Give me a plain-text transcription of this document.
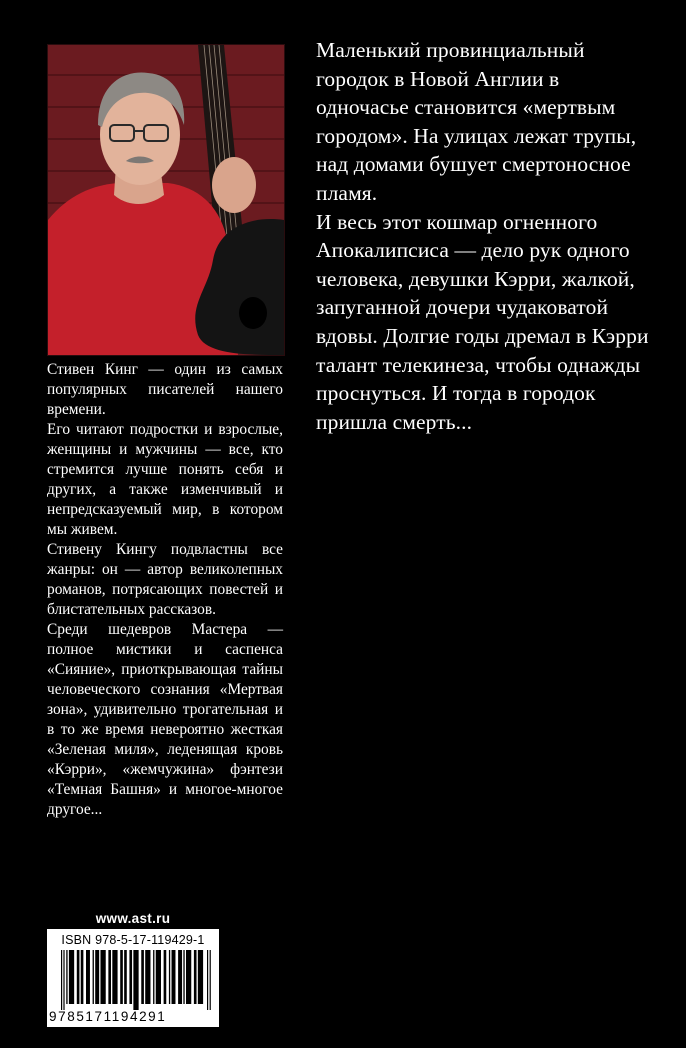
Стивен Кинг — один из самых популярных писателей нашего времени.

Его читают подростки и взрослые, женщины и мужчины — все, кто стремится лучше понять себя и других, а также изменчивый и непредсказуемый мир, в котором мы живем.

Стивену Кингу подвластны все жанры: он — автор великолепных романов, потрясающих повестей и блистательных рассказов.

Среди шедевров Мастера — полное мистики и саспенса «Сияние», приоткрывающая тайны человеческого сознания «Мертвая зона», удивительно трогательная и в то же время невероятно жесткая «Зеленая миля», леденящая кровь «Кэрри», «жемчужина» фэнтези «Темная Башня» и многое-многое другое...

Маленький провинциальный городок в Новой Англии в одночасье становится «мертвым городом». На улицах лежат трупы, над домами бушует смертоносное пламя.

И весь этот кошмар огненного Апокалипсиса — дело рук одного человека, девушки Кэрри, жалкой, запуганной дочери чудаковатой вдовы. Долгие годы дремал в Кэрри талант телекинеза, чтобы однажды проснуться. И тогда в городок пришла смерть...

www.ast.ru
ISBN 978-5-17-119429-1
9785171194291
